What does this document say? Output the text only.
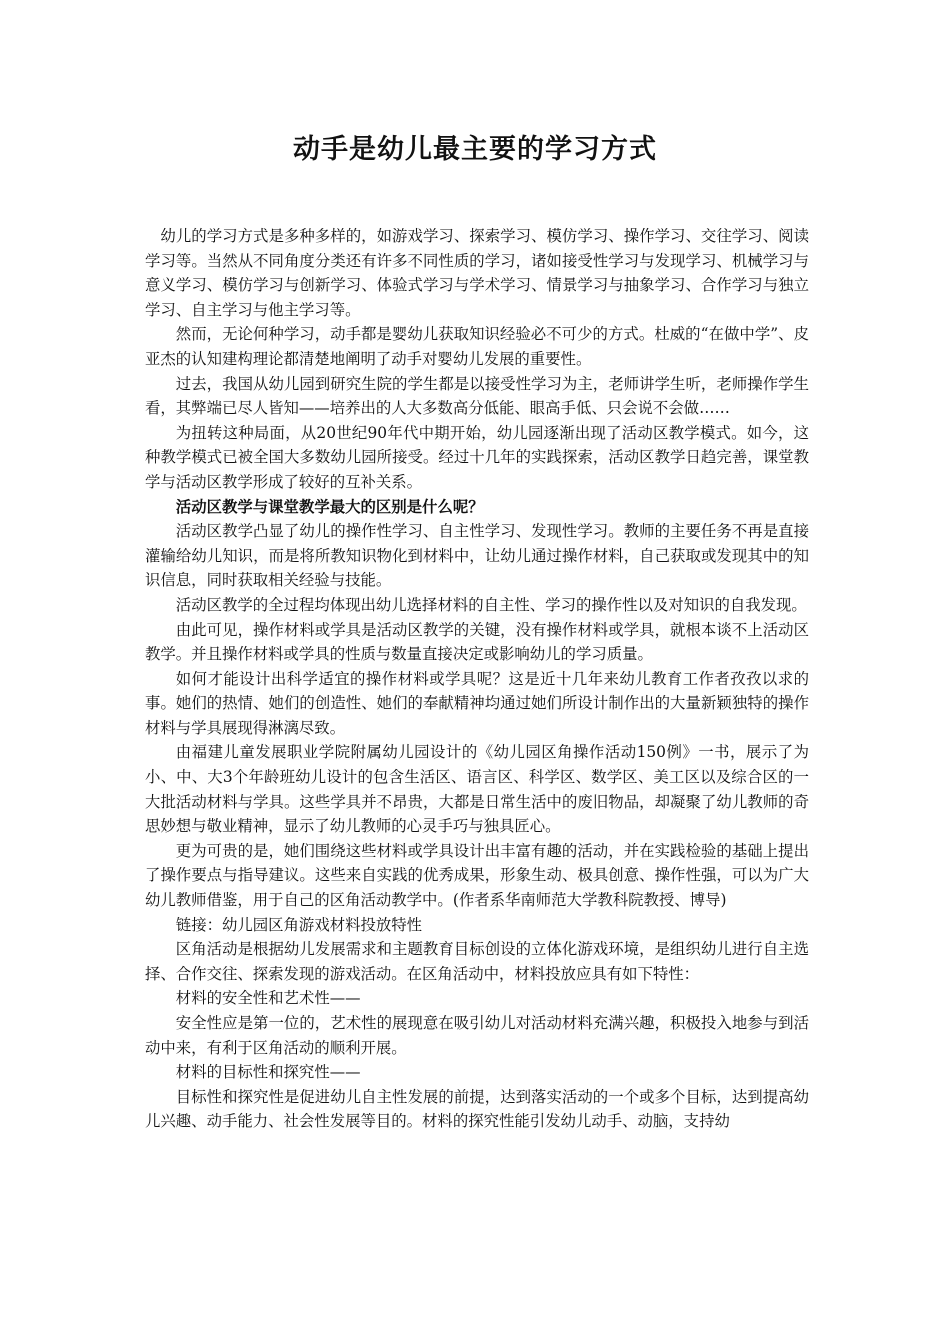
动手是幼儿最主要的学习方式

幼儿的学习方式是多种多样的，如游戏学习、探索学习、模仿学习、操作学习、交往学习、阅读学习等。当然从不同角度分类还有许多不同性质的学习，诸如接受性学习与发现学习、机械学习与意义学习、模仿学习与创新学习、体验式学习与学术学习、情景学习与抽象学习、合作学习与独立学习、自主学习与他主学习等。

然而，无论何种学习，动手都是婴幼儿获取知识经验必不可少的方式。杜威的“在做中学”、皮亚杰的认知建构理论都清楚地阐明了动手对婴幼儿发展的重要性。

过去，我国从幼儿园到研究生院的学生都是以接受性学习为主，老师讲学生听，老师操作学生看，其弊端已尽人皆知——培养出的人大多数高分低能、眼高手低、只会说不会做……

为扭转这种局面，从20世纪90年代中期开始，幼儿园逐渐出现了活动区教学模式。如今，这种教学模式已被全国大多数幼儿园所接受。经过十几年的实践探索，活动区教学日趋完善，课堂教学与活动区教学形成了较好的互补关系。

活动区教学与课堂教学最大的区别是什么呢？

活动区教学凸显了幼儿的操作性学习、自主性学习、发现性学习。教师的主要任务不再是直接灌输给幼儿知识，而是将所教知识物化到材料中，让幼儿通过操作材料，自己获取或发现其中的知识信息，同时获取相关经验与技能。

活动区教学的全过程均体现出幼儿选择材料的自主性、学习的操作性以及对知识的自我发现。

由此可见，操作材料或学具是活动区教学的关键，没有操作材料或学具，就根本谈不上活动区教学。并且操作材料或学具的性质与数量直接决定或影响幼儿的学习质量。

如何才能设计出科学适宜的操作材料或学具呢？这是近十几年来幼儿教育工作者孜孜以求的事。她们的热情、她们的创造性、她们的奉献精神均通过她们所设计制作出的大量新颖独特的操作材料与学具展现得淋漓尽致。

由福建儿童发展职业学院附属幼儿园设计的《幼儿园区角操作活动150例》一书，展示了为小、中、大3个年龄班幼儿设计的包含生活区、语言区、科学区、数学区、美工区以及综合区的一大批活动材料与学具。这些学具并不昂贵，大都是日常生活中的废旧物品，却凝聚了幼儿教师的奇思妙想与敬业精神，显示了幼儿教师的心灵手巧与独具匠心。

更为可贵的是，她们围绕这些材料或学具设计出丰富有趣的活动，并在实践检验的基础上提出了操作要点与指导建议。这些来自实践的优秀成果，形象生动、极具创意、操作性强，可以为广大幼儿教师借鉴，用于自己的区角活动教学中。(作者系华南师范大学教科院教授、博导)

链接：幼儿园区角游戏材料投放特性

区角活动是根据幼儿发展需求和主题教育目标创设的立体化游戏环境，是组织幼儿进行自主选择、合作交往、探索发现的游戏活动。在区角活动中，材料投放应具有如下特性：

材料的安全性和艺术性——

安全性应是第一位的，艺术性的展现意在吸引幼儿对活动材料充满兴趣，积极投入地参与到活动中来，有利于区角活动的顺利开展。

材料的目标性和探究性——

目标性和探究性是促进幼儿自主性发展的前提，达到落实活动的一个或多个目标，达到提高幼儿兴趣、动手能力、社会性发展等目的。材料的探究性能引发幼儿动手、动脑，支持幼
